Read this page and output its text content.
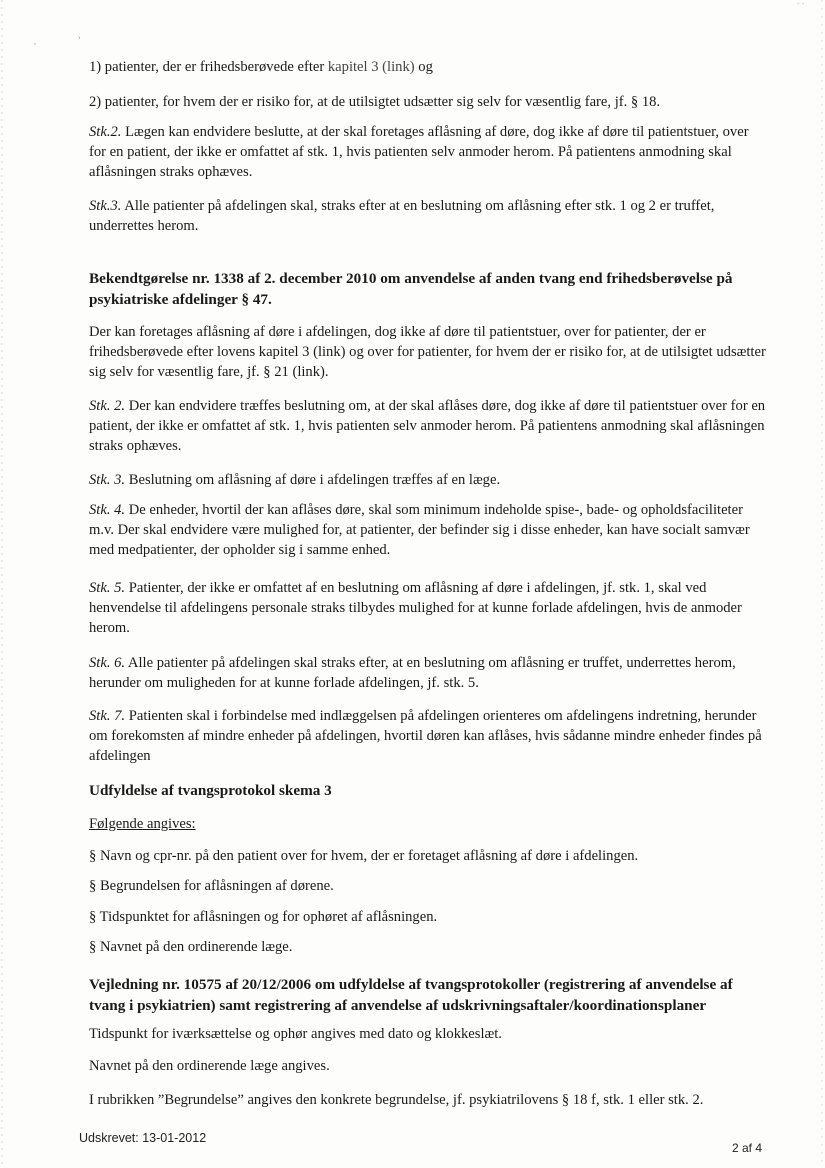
,	›
- -
1) patienter, der er frihedsberøvede efter kapitel 3 (link) og
2) patienter, for hvem der er risiko for, at de utilsigtet udsætter sig selv for væsentlig fare, jf. § 18.
Stk.2. Lægen kan endvidere beslutte, at der skal foretages aflåsning af døre, dog ikke af døre til patientstuer, over for en patient, der ikke er omfattet af stk. 1, hvis patienten selv anmoder herom. På patientens anmodning skal aflåsningen straks ophæves.
Stk.3. Alle patienter på afdelingen skal, straks efter at en beslutning om aflåsning efter stk. 1 og 2 er truffet, underrettes herom.
Bekendtgørelse nr. 1338 af 2. december 2010 om anvendelse af anden tvang end frihedsberøvelse på psykiatriske afdelinger § 47.
Der kan foretages aflåsning af døre i afdelingen, dog ikke af døre til patientstuer, over for patienter, der er frihedsberøvede efter lovens kapitel 3 (link) og over for patienter, for hvem der er risiko for, at de utilsigtet udsætter sig selv for væsentlig fare, jf. § 21 (link).
Stk. 2. Der kan endvidere træffes beslutning om, at der skal aflåses døre, dog ikke af døre til patientstuer over for en patient, der ikke er omfattet af stk. 1, hvis patienten selv anmoder herom. På patientens anmodning skal aflåsningen straks ophæves.
Stk. 3. Beslutning om aflåsning af døre i afdelingen træffes af en læge.
Stk. 4. De enheder, hvortil der kan aflåses døre, skal som minimum indeholde spise-, bade- og opholdsfaciliteter m.v. Der skal endvidere være mulighed for, at patienter, der befinder sig i disse enheder, kan have socialt samvær med medpatienter, der opholder sig i samme enhed.
Stk. 5. Patienter, der ikke er omfattet af en beslutning om aflåsning af døre i afdelingen, jf. stk. 1, skal ved henvendelse til afdelingens personale straks tilbydes mulighed for at kunne forlade afdelingen, hvis de anmoder herom.
Stk. 6. Alle patienter på afdelingen skal straks efter, at en beslutning om aflåsning er truffet, underrettes herom, herunder om muligheden for at kunne forlade afdelingen, jf. stk. 5.
Stk. 7. Patienten skal i forbindelse med indlæggelsen på afdelingen orienteres om afdelingens indretning, herunder om forekomsten af mindre enheder på afdelingen, hvortil døren kan aflåses, hvis sådanne mindre enheder findes på afdelingen
Udfyldelse af tvangsprotokol skema 3
Følgende angives:
§ Navn og cpr-nr. på den patient over for hvem, der er foretaget aflåsning af døre i afdelingen.
§ Begrundelsen for aflåsningen af dørene.
§ Tidspunktet for aflåsningen og for ophøret af aflåsningen.
§ Navnet på den ordinerende læge.
Vejledning nr. 10575 af 20/12/2006 om udfyldelse af tvangsprotokoller (registrering af anvendelse af tvang i psykiatrien) samt registrering af anvendelse af udskrivningsaftaler/koordinationsplaner
Tidspunkt for iværksættelse og ophør angives med dato og klokkeslæt.
Navnet på den ordinerende læge angives.
I rubrikken ”Begrundelse” angives den konkrete begrundelse, jf. psykiatrilovens § 18 f, stk. 1 eller stk. 2.
Udskrevet: 13-01-2012
2 af 4
